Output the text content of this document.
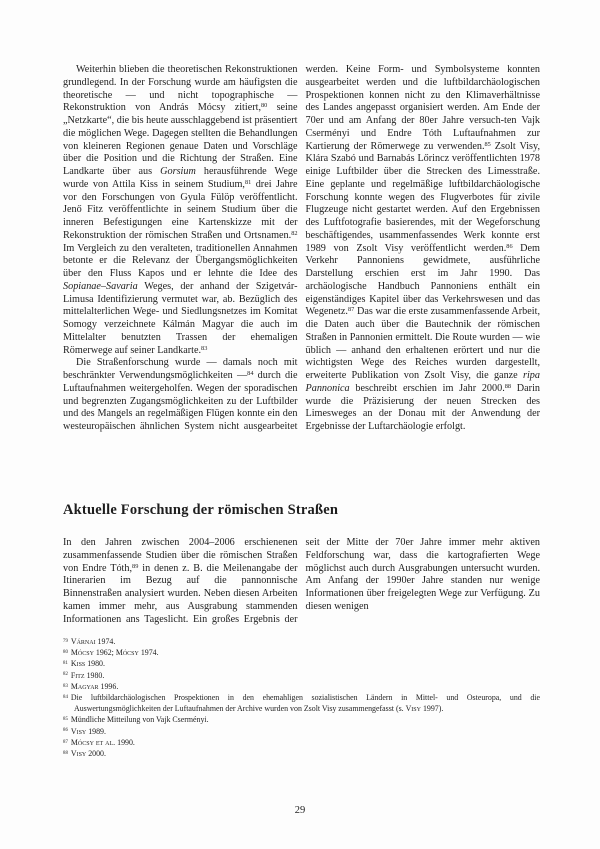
Weiterhin blieben die theoretischen Rekonstruktionen grundlegend. In der Forschung wurde am häufigsten die theoretische — und nicht topographische — Rekonstruktion von András Mócsy zitiert,$^{80}$ seine „Netzkarte“, die bis heute ausschlaggebend ist präsentiert die möglichen Wege. Dagegen stellten die Behandlungen von kleineren Regionen genaue Daten und Vorschläge über die Position und die Richtung der Straßen. Eine Landkarte über aus Gorsium herausführende Wege wurde von Attila Kiss in seinem Studium,$^{81}$ drei Jahre vor den Forschungen von Gyula Fülöp veröffentlicht. Jenő Fitz veröffentlichte in seinem Studium über die inneren Befestigungen eine Kartenskizze mit der Rekonstruktion der römischen Straßen und Ortsnamen.$^{82}$ Im Vergleich zu den veralteten, traditionellen Annahmen betonte er die Relevanz der Übergangsmöglichkeiten über den Fluss Kapos und er lehnte die Idee des Sopianae–Savaria Weges, der anhand der Szigetvár-Limusa Identifizierung vermutet war, ab. Bezüglich des mittelalterlichen Wege- und Siedlungsnetzes im Komitat Somogy verzeichnete Kálmán Magyar die auch im Mittelalter benutzten Trassen der ehemaligen Römerwege auf seiner Landkarte.$^{83}$

Die Straßenforschung wurde — damals noch mit beschränkter Verwendungsmöglichkeiten —$^{84}$ durch die Luftaufnahmen weitergeholfen. Wegen der sporadischen und begrenzten Zugangsmöglichkeiten zu der Luftbilder und des Mangels an regelmäßigen Flügen konnte ein den westeuropäischen ähnlichen System nicht ausgearbeitet werden. Keine Form- und Symbolsysteme konnten ausgearbeitet werden und die luftbildarchäologischen Prospektionen konnen nicht zu den Klimaverhältnisse des Landes angepasst organisiert werden. Am Ende der 70er und am Anfang der 80er Jahre versuch-ten Vajk Cserményi und Endre Tóth Luftaufnahmen zur Kartierung der Römerwege zu verwenden.$^{85}$ Zsolt Visy, Klára Szabó und Barnabás Lőrincz veröffentlichten 1978 einige Luftbilder über die Strecken des Limesstraße. Eine geplante und regelmäßige luftbildarchäologische Forschung konnte wegen des Flugverbotes für zivile Flugzeuge nicht gestartet werden. Auf den Ergebnissen des Luftfotografie basierendes, mit der Wegeforschung beschäftigendes, usammenfassendes Werk konnte erst 1989 von Zsolt Visy veröffentlicht werden.$^{86}$ Dem Verkehr Pannoniens gewidmete, ausführliche Darstellung erschien erst im Jahr 1990. Das archäologische Handbuch Pannoniens enthält ein eigenständiges Kapitel über das Verkehrswesen und das Wegenetz.$^{87}$ Das war die erste zusammenfassende Arbeit, die Daten auch über die Bautechnik der römischen Straßen in Pannonien ermittelt. Die Route wurden — wie üblich — anhand den erhaltenen erörtert und nur die wichtigsten Wege des Reiches wurden dargestellt, erweiterte Publikation von Zsolt Visy, die ganze ripa Pannonica beschreibt erschien im Jahr 2000.88 Darin wurde die Präzisierung der neuen Strecken des Limesweges an der Donau mit der Anwendung der Ergebnisse der Luftarchäologie erfolgt.

Aktuelle Forschung der römischen Straßen

In den Jahren zwischen 2004–2006 erschienenen zusammenfassende Studien über die römischen Straßen von Endre Tóth,$^{89}$ in denen z. B. die Meilenangabe der Itinerarien im Bezug auf die pannonnische Binnenstraßen analysiert wurden. Neben diesen Arbeiten kamen immer mehr, aus Ausgrabung stammenden Informationen ans Tageslicht. Ein großes Ergebnis der seit der Mitte der 70er Jahre immer mehr aktiven Feldforschung war, dass die kartografierten Wege möglichst auch durch Ausgrabungen untersucht wurden. Am Anfang der 1990er Jahre standen nur wenige Informationen über freigelegten Wege zur Verfügung. Zu diesen wenigen

$^{79}$ Várnai 1974.
$^{80}$ Mócsy 1962; Mócsy 1974.
$^{81}$ Kiss 1980.
$^{82}$ Fitz 1980.
$^{83}$ Magyar 1996.
$^{84}$ Die luftbildarchäologischen Prospektionen in den ehemahligen sozialistischen Ländern in Mittel- und Osteuropa, und die Auswertungsmöglichkeiten der Luftaufnahmen der Archive wurden von Zsolt Visy zusammengefasst (s. Visy 1997).
$^{85}$ Mündliche Mitteilung von Vajk Cserményi.
$^{86}$ Visy 1989.
$^{87}$ Mócsy et al. 1990.
$^{88}$ Visy 2000.
29
